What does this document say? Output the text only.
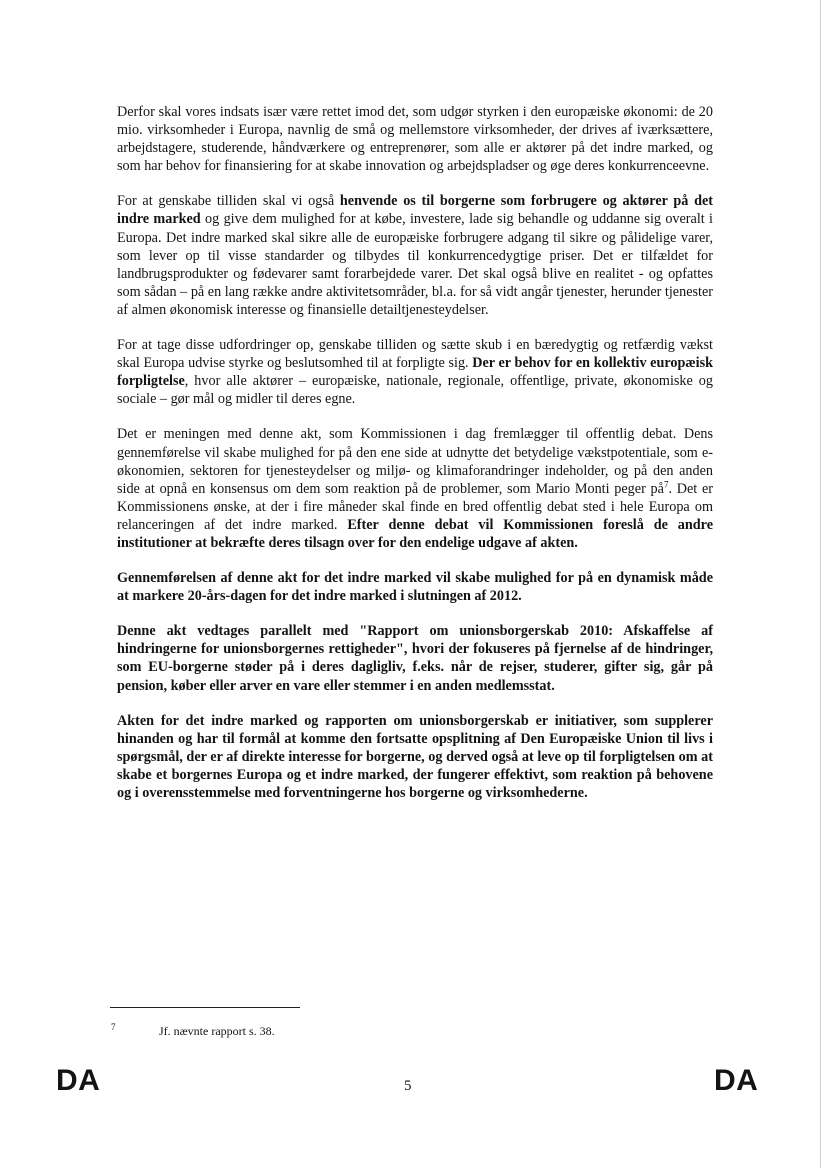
Derfor skal vores indsats især være rettet imod det, som udgør styrken i den europæiske økonomi: de 20 mio. virksomheder i Europa, navnlig de små og mellemstore virksomheder, der drives af iværksættere, arbejdstagere, studerende, håndværkere og entreprenører, som alle er aktører på det indre marked, og som har behov for finansiering for at skabe innovation og arbejdspladser og øge deres konkurrenceevne.

For at genskabe tilliden skal vi også henvende os til borgerne som forbrugere og aktører på det indre marked og give dem mulighed for at købe, investere, lade sig behandle og uddanne sig overalt i Europa. Det indre marked skal sikre alle de europæiske forbrugere adgang til sikre og pålidelige varer, som lever op til visse standarder og tilbydes til konkurrencedygtige priser. Det er tilfældet for landbrugsprodukter og fødevarer samt forarbejdede varer. Det skal også blive en realitet - og opfattes som sådan – på en lang række andre aktivitetsområder, bl.a. for så vidt angår tjenester, herunder tjenester af almen økonomisk interesse og finansielle detailtjenesteydelser.

For at tage disse udfordringer op, genskabe tilliden og sætte skub i en bæredygtig og retfærdig vækst skal Europa udvise styrke og beslutsomhed til at forpligte sig. Der er behov for en kollektiv europæisk forpligtelse, hvor alle aktører – europæiske, nationale, regionale, offentlige, private, økonomiske og sociale – gør mål og midler til deres egne.

Det er meningen med denne akt, som Kommissionen i dag fremlægger til offentlig debat. Dens gennemførelse vil skabe mulighed for på den ene side at udnytte det betydelige vækstpotentiale, som e-økonomien, sektoren for tjenesteydelser og miljø- og klimaforandringer indeholder, og på den anden side at opnå en konsensus om dem som reaktion på de problemer, som Mario Monti peger $på^7$. Det er Kommissionens ønske, at der i fire måneder skal finde en bred offentlig debat sted i hele Europa om relanceringen af det indre marked. Efter denne debat vil Kommissionen foreslå de andre institutioner at bekræfte deres tilsagn over for den endelige udgave af akten.

Gennemførelsen af denne akt for det indre marked vil skabe mulighed for på en dynamisk måde at markere 20-års-dagen for det indre marked i slutningen af 2012.

Denne akt vedtages parallelt med "Rapport om unionsborgerskab 2010: Afskaffelse af hindringerne for unionsborgernes rettigheder", hvori der fokuseres på fjernelse af de hindringer, som EU-borgerne støder på i deres dagligliv, f.eks. når de rejser, studerer, gifter sig, går på pension, køber eller arver en vare eller stemmer i en anden medlemsstat.

Akten for det indre marked og rapporten om unionsborgerskab er initiativer, som supplerer hinanden og har til formål at komme den fortsatte opsplitning af Den Europæiske Union til livs i spørgsmål, der er af direkte interesse for borgerne, og derved også at leve op til forpligtelsen om at skabe et borgernes Europa og et indre marked, der fungerer effektivt, som reaktion på behovene og i overensstemmelse med forventningerne hos borgerne og virksomhederne.

7	Jf. nævnte rapport s. 38.
DA	5	DA
